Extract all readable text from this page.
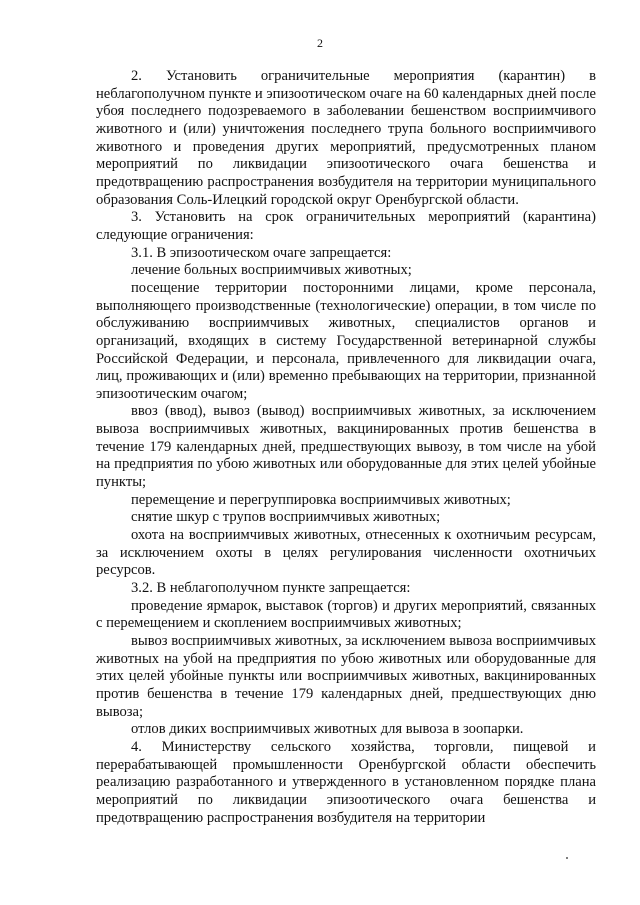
2

2. Установить ограничительные мероприятия (карантин) в неблагополучном пункте и эпизоотическом очаге на 60 календарных дней после убоя последнего подозреваемого в заболевании бешенством восприимчивого животного и (или) уничтожения последнего трупа больного восприимчивого животного и проведения других мероприятий, предусмотренных планом мероприятий по ликвидации эпизоотического очага бешенства и предотвращению распространения возбудителя на территории муниципального образования Соль-Илецкий городской округ Оренбургской области.

3. Установить на срок ограничительных мероприятий (карантина) следующие ограничения:

3.1. В эпизоотическом очаге запрещается:

лечение больных восприимчивых животных;

посещение территории посторонними лицами, кроме персонала, выполняющего производственные (технологические) операции, в том числе по обслуживанию восприимчивых животных, специалистов органов и организаций, входящих в систему Государственной ветеринарной службы Российской Федерации, и персонала, привлеченного для ликвидации очага, лиц, проживающих и (или) временно пребывающих на территории, признанной эпизоотическим очагом;

ввоз (ввод), вывоз (вывод) восприимчивых животных, за исключением вывоза восприимчивых животных, вакцинированных против бешенства в течение 179 календарных дней, предшествующих вывозу, в том числе на убой на предприятия по убою животных или оборудованные для этих целей убойные пункты;

перемещение и перегруппировка восприимчивых животных;

снятие шкур с трупов восприимчивых животных;

охота на восприимчивых животных, отнесенных к охотничьим ресурсам, за исключением охоты в целях регулирования численности охотничьих ресурсов.

3.2. В неблагополучном пункте запрещается:

проведение ярмарок, выставок (торгов) и других мероприятий, связанных с перемещением и скоплением восприимчивых животных;

вывоз восприимчивых животных, за исключением вывоза восприимчивых животных на убой на предприятия по убою животных или оборудованные для этих целей убойные пункты или восприимчивых животных, вакцинированных против бешенства в течение 179 календарных дней, предшествующих дню вывоза;

отлов диких восприимчивых животных для вывоза в зоопарки.

4. Министерству сельского хозяйства, торговли, пищевой и перерабатывающей промышленности Оренбургской области обеспечить реализацию разработанного и утвержденного в установленном порядке плана мероприятий по ликвидации эпизоотического очага бешенства и предотвращению распространения возбудителя на территории
